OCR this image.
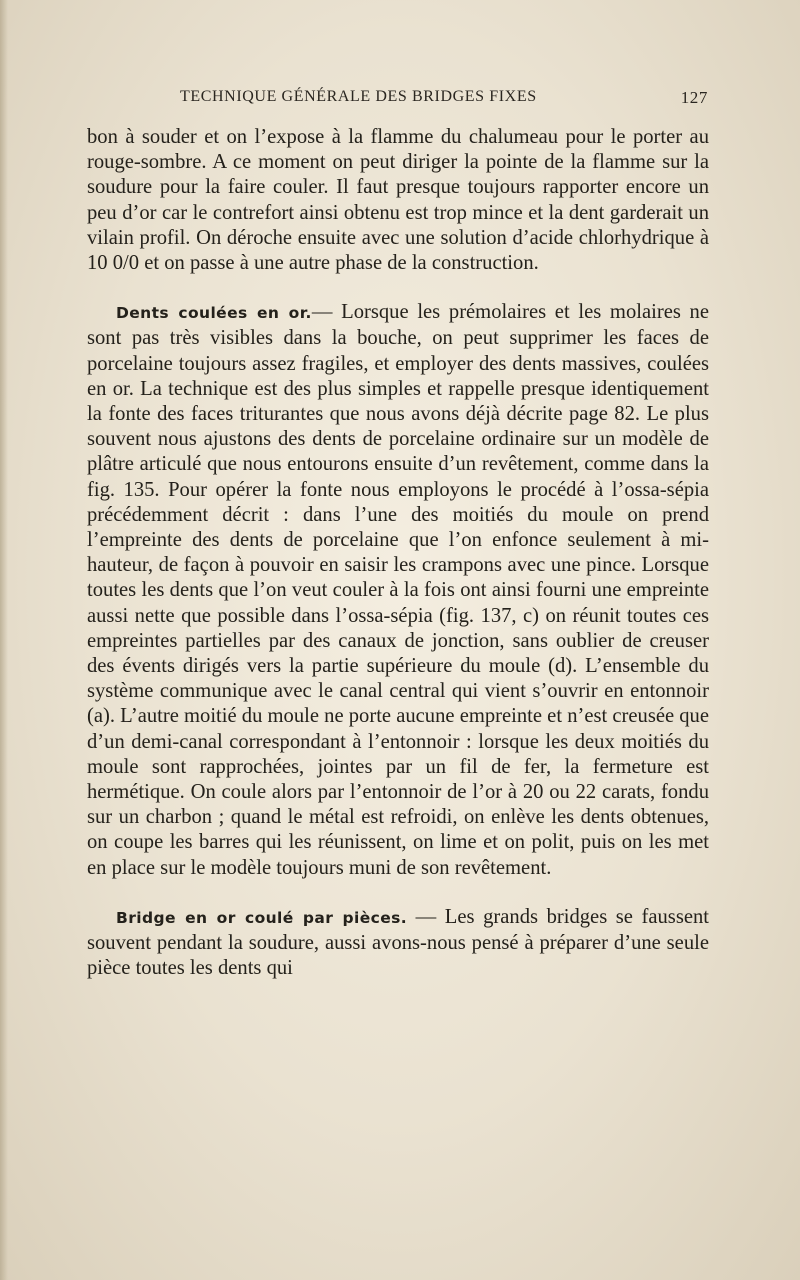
TECHNIQUE GÉNÉRALE DES BRIDGES FIXES	127

bon à souder et on l’expose à la flamme du chalumeau pour le porter au rouge-sombre. A ce moment on peut diriger la pointe de la flamme sur la soudure pour la faire couler. Il faut presque toujours rapporter encore un peu d’or car le contrefort ainsi obtenu est trop mince et la dent garderait un vilain profil. On déroche ensuite avec une solution d’acide chlorhydrique à 10 0/0 et on passe à une autre phase de la construction.

Dents coulées en or.— Lorsque les prémolaires et les molaires ne sont pas très visibles dans la bouche, on peut supprimer les faces de porcelaine toujours assez fragiles, et employer des dents massives, coulées en or. La technique est des plus simples et rappelle presque identiquement la fonte des faces triturantes que nous avons déjà décrite page 82. Le plus souvent nous ajustons des dents de porcelaine ordinaire sur un modèle de plâtre articulé que nous entourons ensuite d’un revêtement, comme dans la fig. 135. Pour opérer la fonte nous employons le procédé à l’ossa-sépia précédemment décrit : dans l’une des moitiés du moule on prend l’empreinte des dents de porcelaine que l’on enfonce seulement à mi-hauteur, de façon à pouvoir en saisir les crampons avec une pince. Lorsque toutes les dents que l’on veut couler à la fois ont ainsi fourni une empreinte aussi nette que possible dans l’ossa-sépia (fig. 137, c) on réunit toutes ces empreintes partielles par des canaux de jonction, sans oublier de creuser des évents dirigés vers la partie supérieure du moule (d). L’ensemble du système communique avec le canal central qui vient s’ouvrir en entonnoir (a). L’autre moitié du moule ne porte aucune empreinte et n’est creusée que d’un demi-canal correspondant à l’entonnoir : lorsque les deux moitiés du moule sont rapprochées, jointes par un fil de fer, la fermeture est hermétique. On coule alors par l’entonnoir de l’or à 20 ou 22 carats, fondu sur un charbon ; quand le métal est refroidi, on enlève les dents obtenues, on coupe les barres qui les réunissent, on lime et on polit, puis on les met en place sur le modèle toujours muni de son revêtement.

Bridge en or coulé par pièces. — Les grands bridges se faussent souvent pendant la soudure, aussi avons-nous pensé à préparer d’une seule pièce toutes les dents qui
